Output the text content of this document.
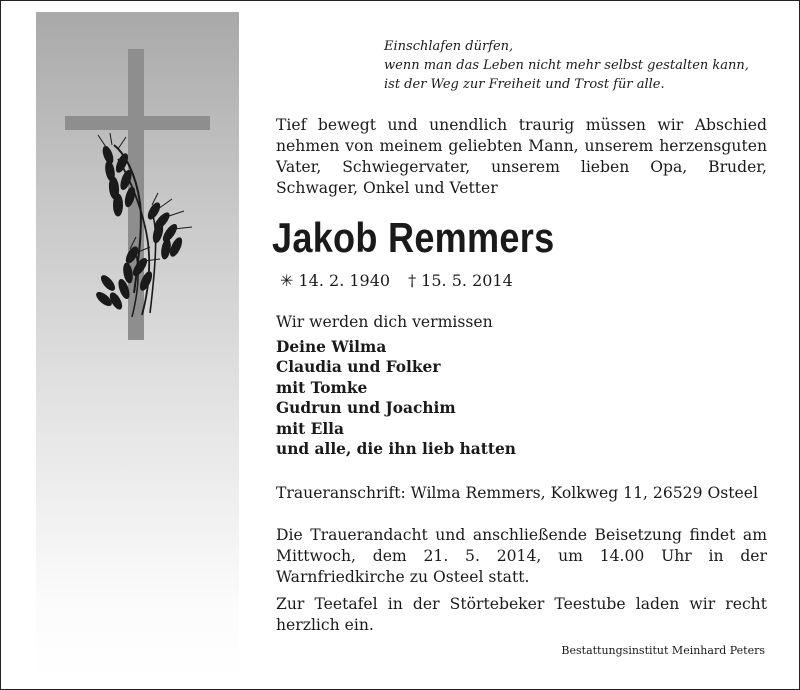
Einschlafen dürfen,
wenn man das Leben nicht mehr selbst gestalten kann,
ist der Weg zur Freiheit und Trost für alle.
Tief bewegt und unendlich traurig müssen wir Abschied nehmen von meinem geliebten Mann, unserem herzensguten Vater, Schwiegervater, unserem lieben Opa, Bruder, Schwager, Onkel und Vetter
Jakob Remmers
✳ 14. 2. 1940 † 15. 5. 2014
Wir werden dich vermissen
Deine Wilma
Claudia und Folker
mit Tomke
Gudrun und Joachim
mit Ella
und alle, die ihn lieb hatten
Traueranschrift: Wilma Remmers, Kolkweg 11, 26529 Osteel
Die Trauerandacht und anschließende Beisetzung findet am Mittwoch, dem 21. 5. 2014, um 14.00 Uhr in der Warnfriedkirche zu Osteel statt.
Zur Teetafel in der Störtebeker Teestube laden wir recht herzlich ein.
Bestattungsinstitut Meinhard Peters
